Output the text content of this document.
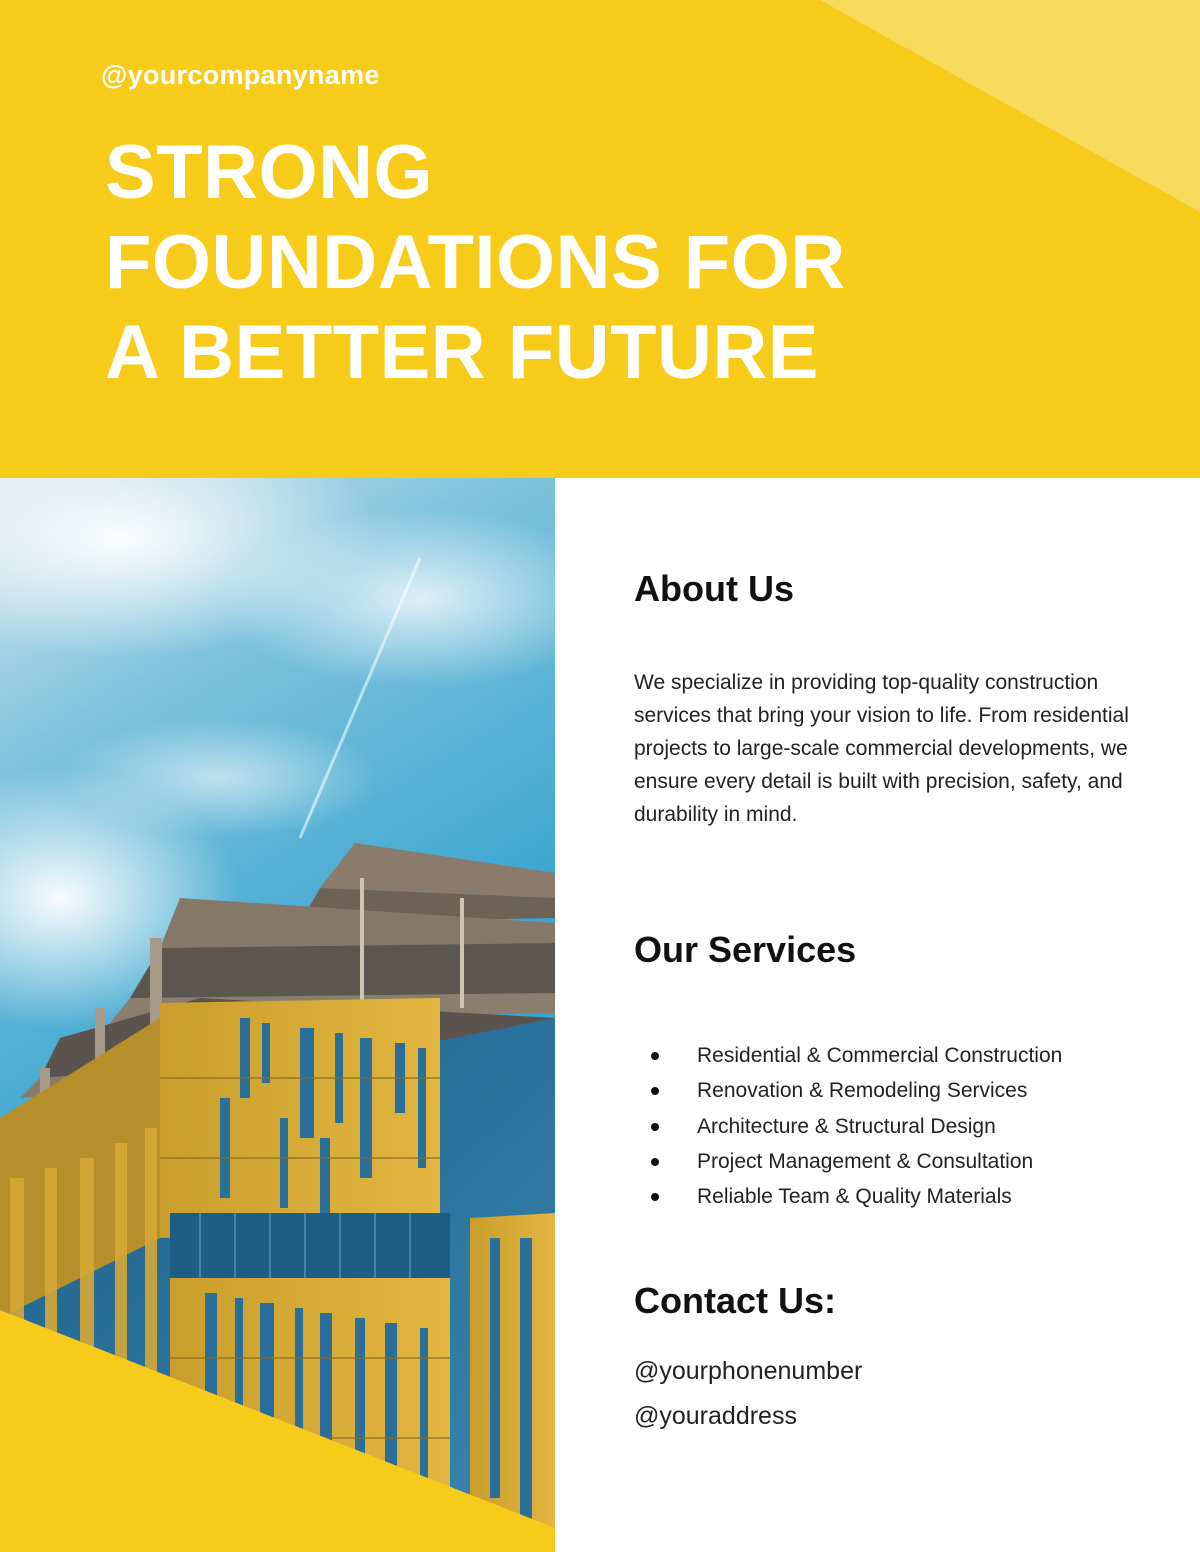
@yourcompanyname
STRONG
FOUNDATIONS FOR
A BETTER FUTURE
About Us

We specialize in providing top-quality construction services that bring your vision to life. From residential projects to large-scale commercial developments, we ensure every detail is built with precision, safety, and durability in mind.

Our Services
Residential & Commercial Construction
Renovation & Remodeling Services
Architecture & Structural Design
Project Management & Consultation
Reliable Team & Quality Materials
Contact Us:

@yourphonenumber

@youraddress
